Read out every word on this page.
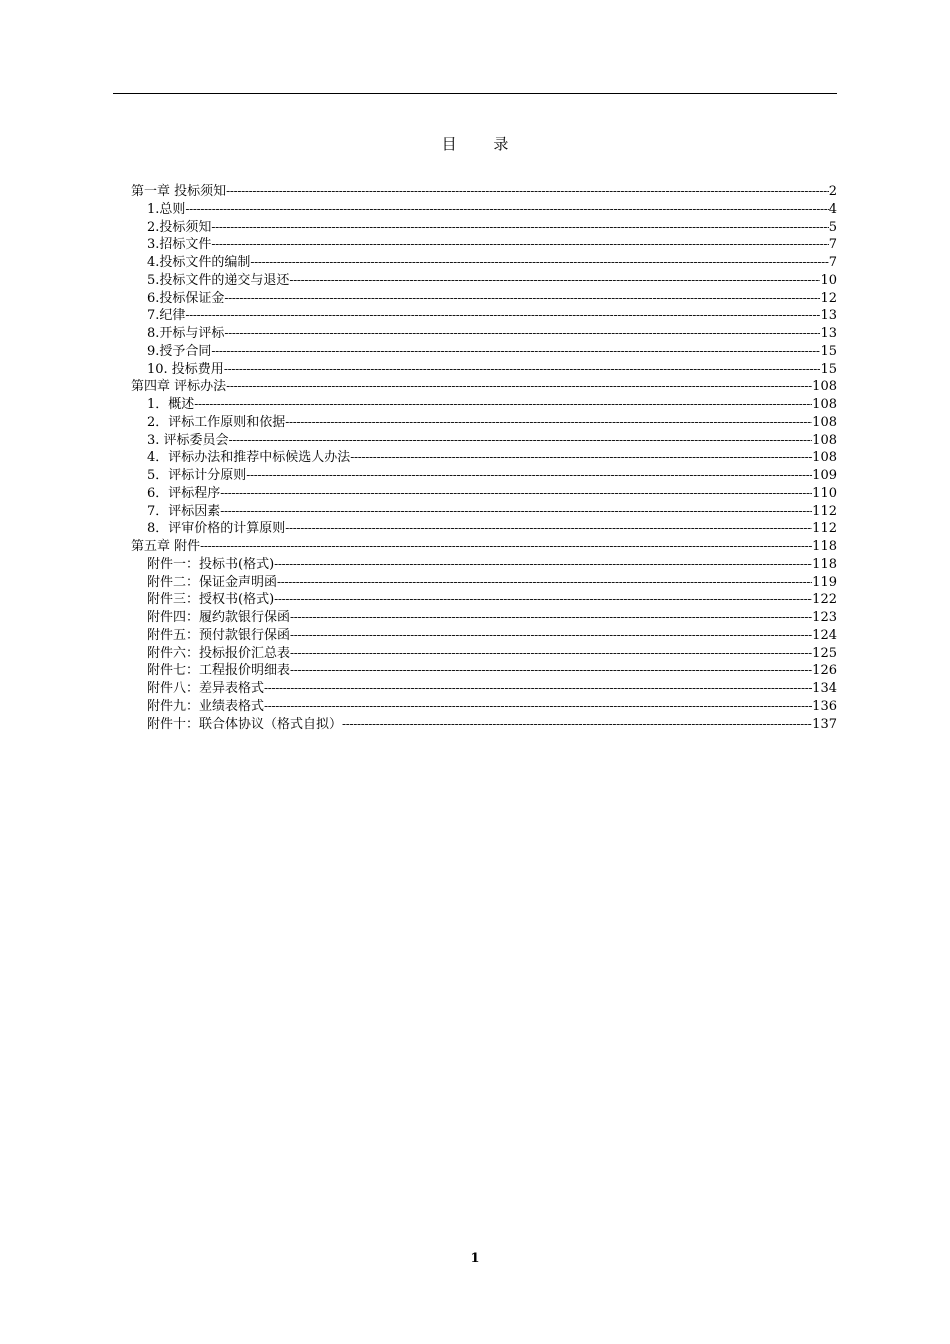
目 录
第一章 投标须知 -----	2
1.总则 -----	4
2.投标须知 -----	5
3.招标文件 -----	7
4.投标文件的编制 -----	7
5.投标文件的递交与退还 -----	10
6.投标保证金 -----	12
7.纪律 -----	13
8.开标与评标 -----	13
9.授予合同 -----	15
10. 投标费用 -----	15
第四章 评标办法 -----	108
1．概述 -----	108
2．评标工作原则和依据 -----	108
3. 评标委员会 -----	108
4．评标办法和推荐中标候选人办法 -----	108
5．评标计分原则 -----	109
6．评标程序 -----	110
7．评标因素 -----	112
8．评审价格的计算原则 -----	112
第五章 附件 -----	118
附件一：投标书(格式) -----	118
附件二：保证金声明函 -----	119
附件三：授权书(格式) -----	122
附件四：履约款银行保函 -----	123
附件五：预付款银行保函 -----	124
附件六：投标报价汇总表 -----	125
附件七：工程报价明细表 -----	126
附件八：差异表格式 -----	134
附件九：业绩表格式 -----	136
附件十：联合体协议（格式自拟） -----	137
1
